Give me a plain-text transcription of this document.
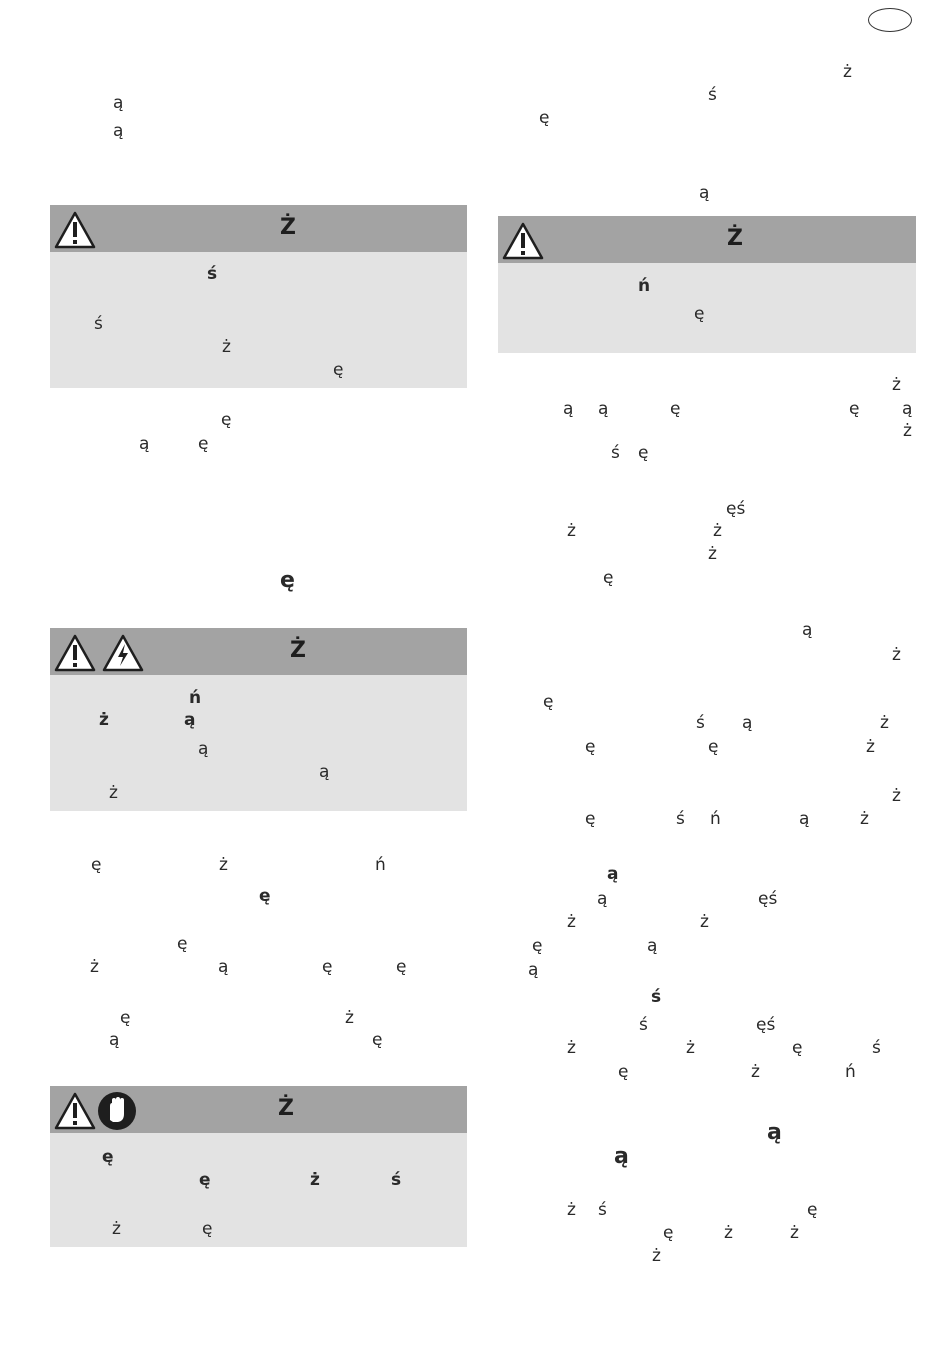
Ż
Ż
Ż
Ż
ą
ą
ś
ś
ż
ę
ę
ą	ę
ę
ń
ż	ą
ą
ą
ż
ę	ż	ń
ę
ę
ż	ą	ę	ę
ę	ż
ą	ę
ę
ę	ż	ś
ż	ę
ż
ś
ę
ą
ń
ę
ż
ą ą	ę	ę	ą
ż
ś ę
ęś
ż	ż
ż
ę
ą
ż
ę
ś ą	ż
ę	ę	ż
ż
ę	ś ń	ą	ż
ą
ą	ęś
ż	ż
ę	ą
ą
ś
ś	ęś
ż	ż	ę	ś
ę	ż	ń
ą
ą
ż ś	ę
ę	ż	ż
ż
